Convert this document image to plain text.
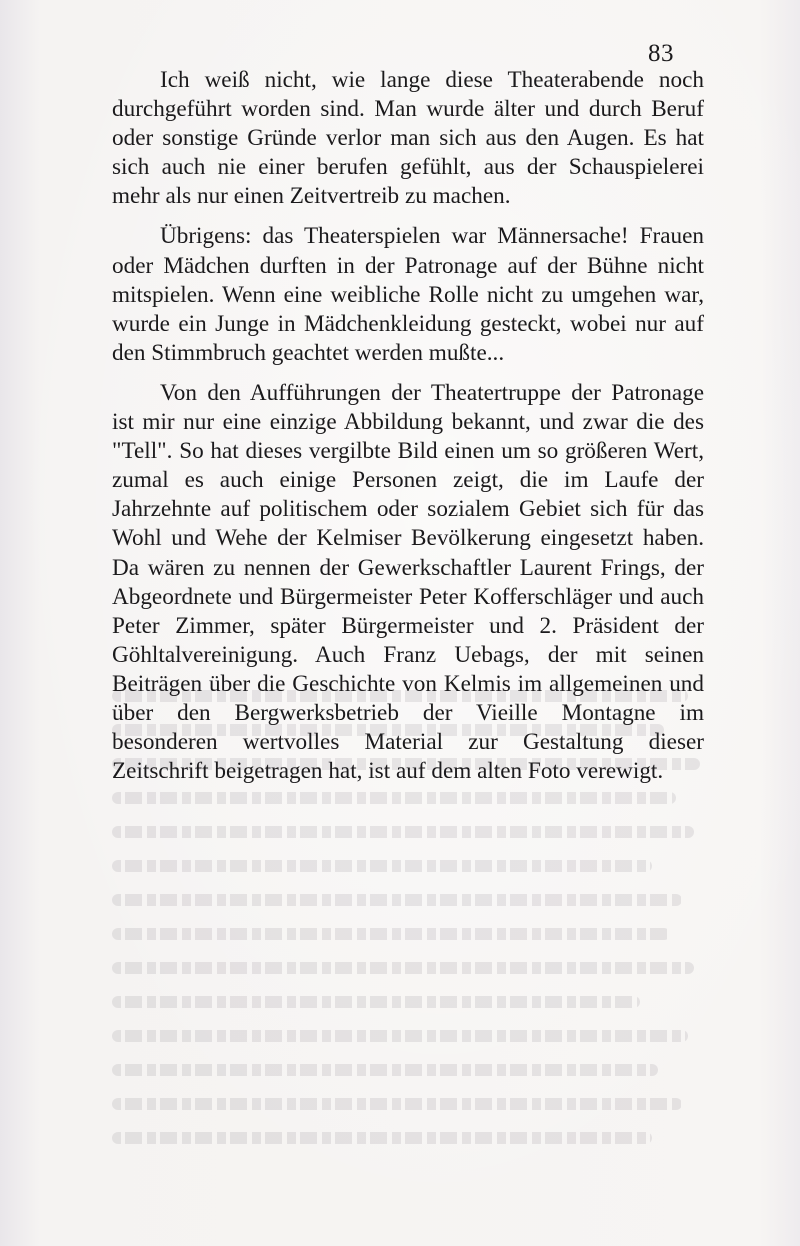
83

Ich weiß nicht, wie lange diese Theaterabende noch durchgeführt worden sind. Man wurde älter und durch Beruf oder sonstige Gründe verlor man sich aus den Augen. Es hat sich auch nie einer berufen gefühlt, aus der Schauspielerei mehr als nur einen Zeitvertreib zu machen.

Übrigens: das Theaterspielen war Männersache! Frauen oder Mädchen durften in der Patronage auf der Bühne nicht mitspielen. Wenn eine weibliche Rolle nicht zu umgehen war, wurde ein Junge in Mädchenkleidung gesteckt, wobei nur auf den Stimmbruch geachtet werden mußte...

Von den Aufführungen der Theatertruppe der Patronage ist mir nur eine einzige Abbildung bekannt, und zwar die des "Tell". So hat dieses vergilbte Bild einen um so größeren Wert, zumal es auch einige Personen zeigt, die im Laufe der Jahrzehnte auf politischem oder sozialem Gebiet sich für das Wohl und Wehe der Kelmiser Bevölkerung eingesetzt haben. Da wären zu nennen der Gewerkschaftler Laurent Frings, der Abgeordnete und Bürgermeister Peter Kofferschläger und auch Peter Zimmer, später Bürgermeister und 2. Präsident der Göhltalvereinigung. Auch Franz Uebags, der mit seinen Beiträgen über die Geschichte von Kelmis im allgemeinen und über den Bergwerksbetrieb der Vieille Montagne im besonderen wertvolles Material zur Gestaltung dieser Zeitschrift beigetragen hat, ist auf dem alten Foto verewigt.
